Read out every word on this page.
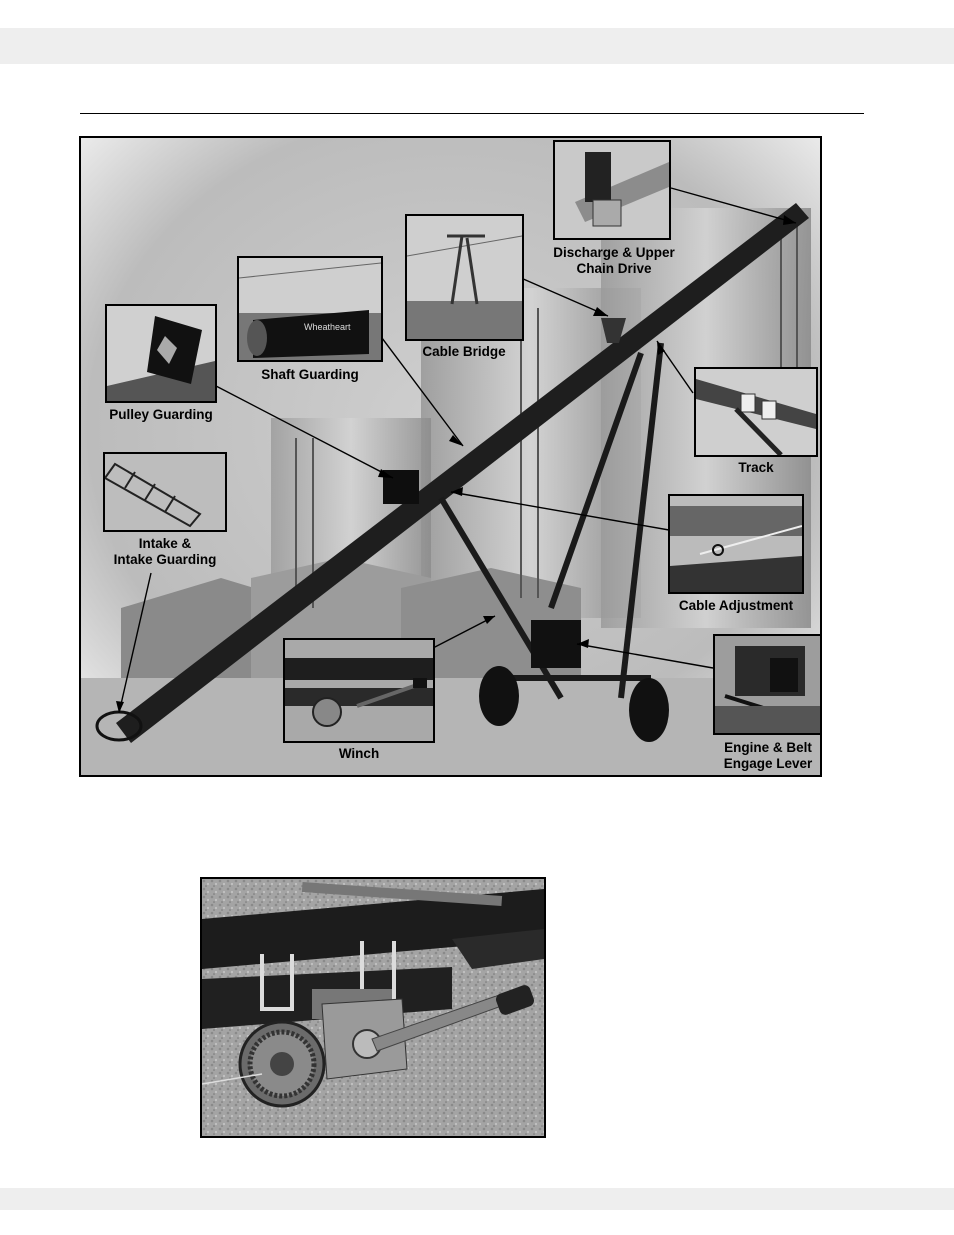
Discharge & Upper
Chain Drive
Cable Bridge
Wheatheart
Shaft Guarding
Pulley Guarding
Track
Intake &
Intake Guarding
Cable Adjustment
Winch	Engine & Belt
Engage Lever
